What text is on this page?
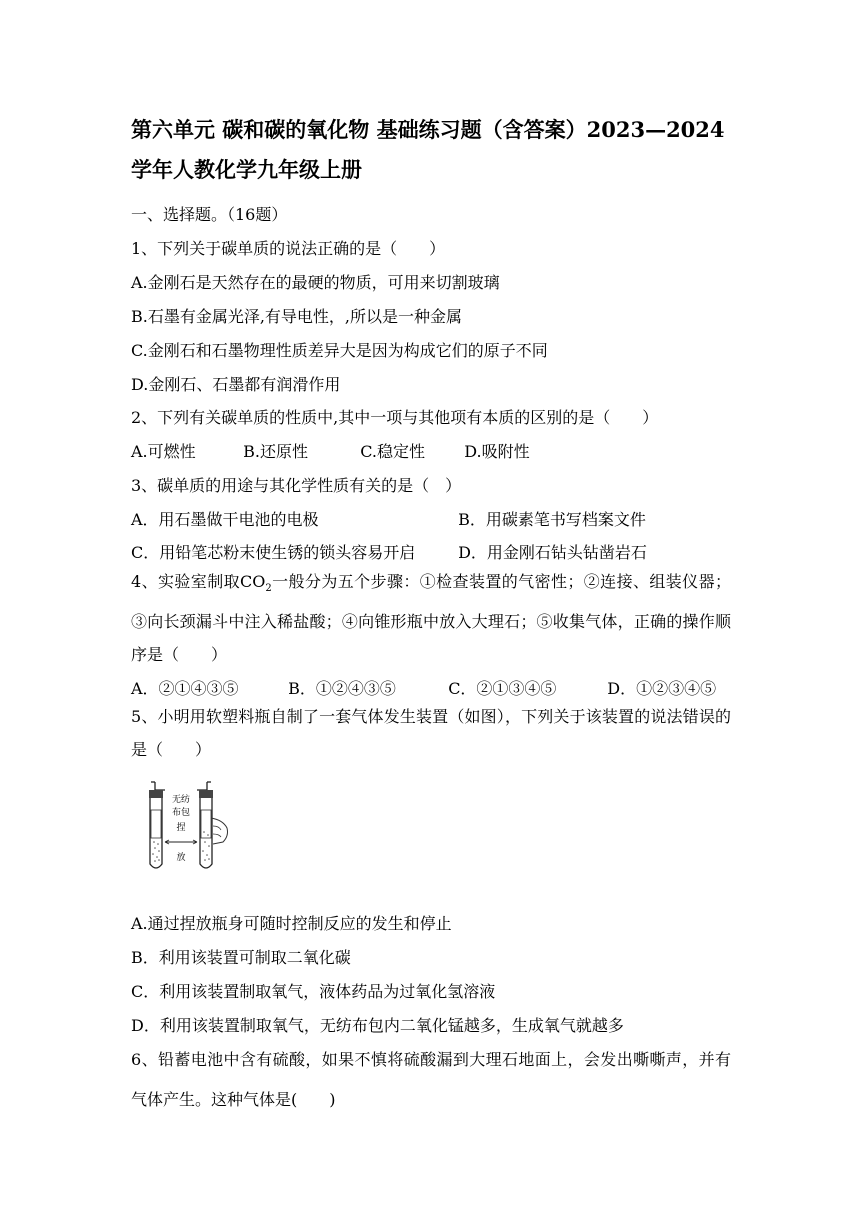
第六单元 碳和碳的氧化物 基础练习题（含答案）2023—2024学年人教化学九年级上册
一、选择题。（16题）
1、下列关于碳单质的说法正确的是（　　）
A.金刚石是天然存在的最硬的物质，可用来切割玻璃
B.石墨有金属光泽,有导电性，,所以是一种金属
C.金刚石和石墨物理性质差异大是因为构成它们的原子不同
D.金刚石、石墨都有润滑作用
2、下列有关碳单质的性质中,其中一项与其他项有本质的区别的是（　　）
A.可燃性	B.还原性	C.稳定性 D.吸附性
3、碳单质的用途与其化学性质有关的是（　）
A．用石墨做干电池的电极	B．用碳素笔书写档案文件
C．用铅笔芯粉末使生锈的锁头容易开启	D．用金刚石钻头钻凿岩石
4、实验室制取$CO_2$一般分为五个步骤：①检查装置的气密性；②连接、组装仪器；③向长颈漏斗中注入稀盐酸；④向锥形瓶中放入大理石；⑤收集气体，正确的操作顺序是（　　）
A．②①④③⑤	B．①②④③⑤	C．②①③④⑤	D．①②③④⑤
5、小明用软塑料瓶自制了一套气体发生装置（如图），下列关于该装置的说法错误的是（　　）
无纺
布包
捏
放
A.通过捏放瓶身可随时控制反应的发生和停止
B．利用该装置可制取二氧化碳
C．利用该装置制取氧气，液体药品为过氧化氢溶液
D．利用该装置制取氧气，无纺布包内二氧化锰越多，生成氧气就越多
6、铅蓄电池中含有硫酸，如果不慎将硫酸漏到大理石地面上，会发出嘶嘶声，并有气体产生。这种气体是(　　)
